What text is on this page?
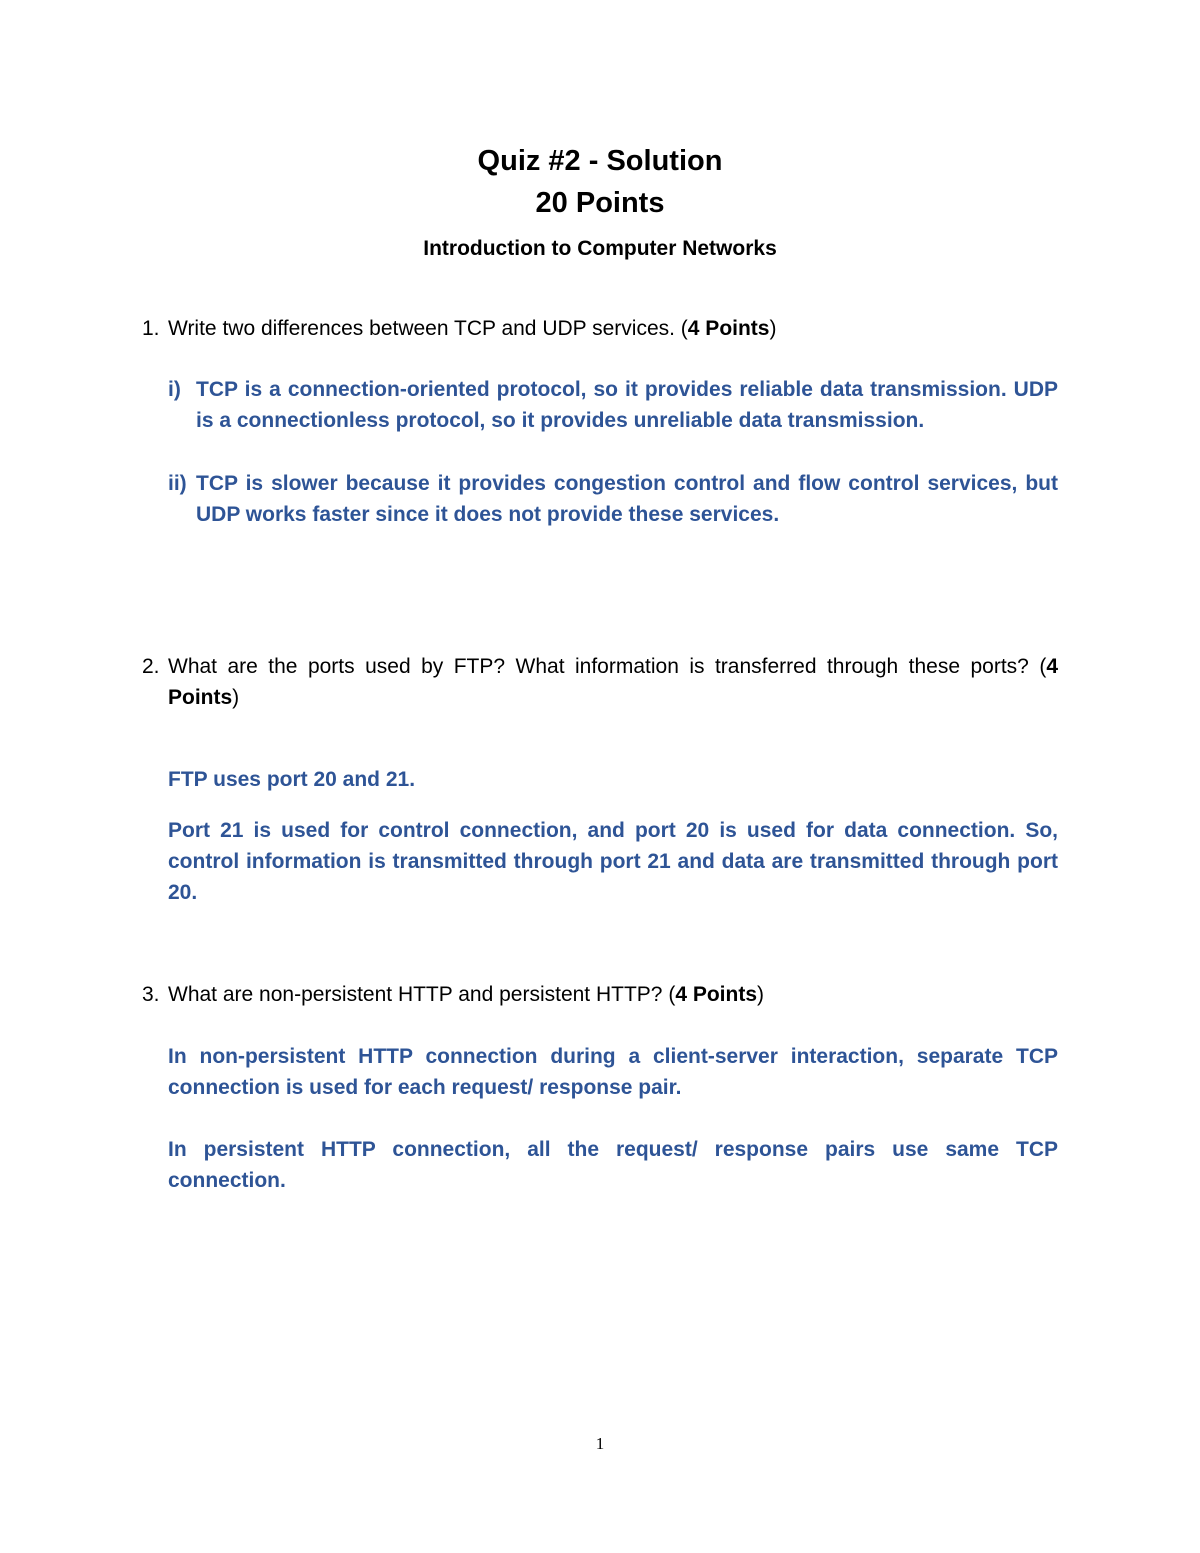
Quiz #2 - Solution
20 Points
Introduction to Computer Networks
1. Write two differences between TCP and UDP services. (4 Points)
i) TCP is a connection-oriented protocol, so it provides reliable data transmission. UDP is a connectionless protocol, so it provides unreliable data transmission.
ii) TCP is slower because it provides congestion control and flow control services, but UDP works faster since it does not provide these services.
2. What are the ports used by FTP? What information is transferred through these ports? (4 Points)
FTP uses port 20 and 21.
Port 21 is used for control connection, and port 20 is used for data connection. So, control information is transmitted through port 21 and data are transmitted through port 20.
3. What are non-persistent HTTP and persistent HTTP? (4 Points)
In non-persistent HTTP connection during a client-server interaction, separate TCP connection is used for each request/ response pair.
In persistent HTTP connection, all the request/ response pairs use same TCP connection.
1
